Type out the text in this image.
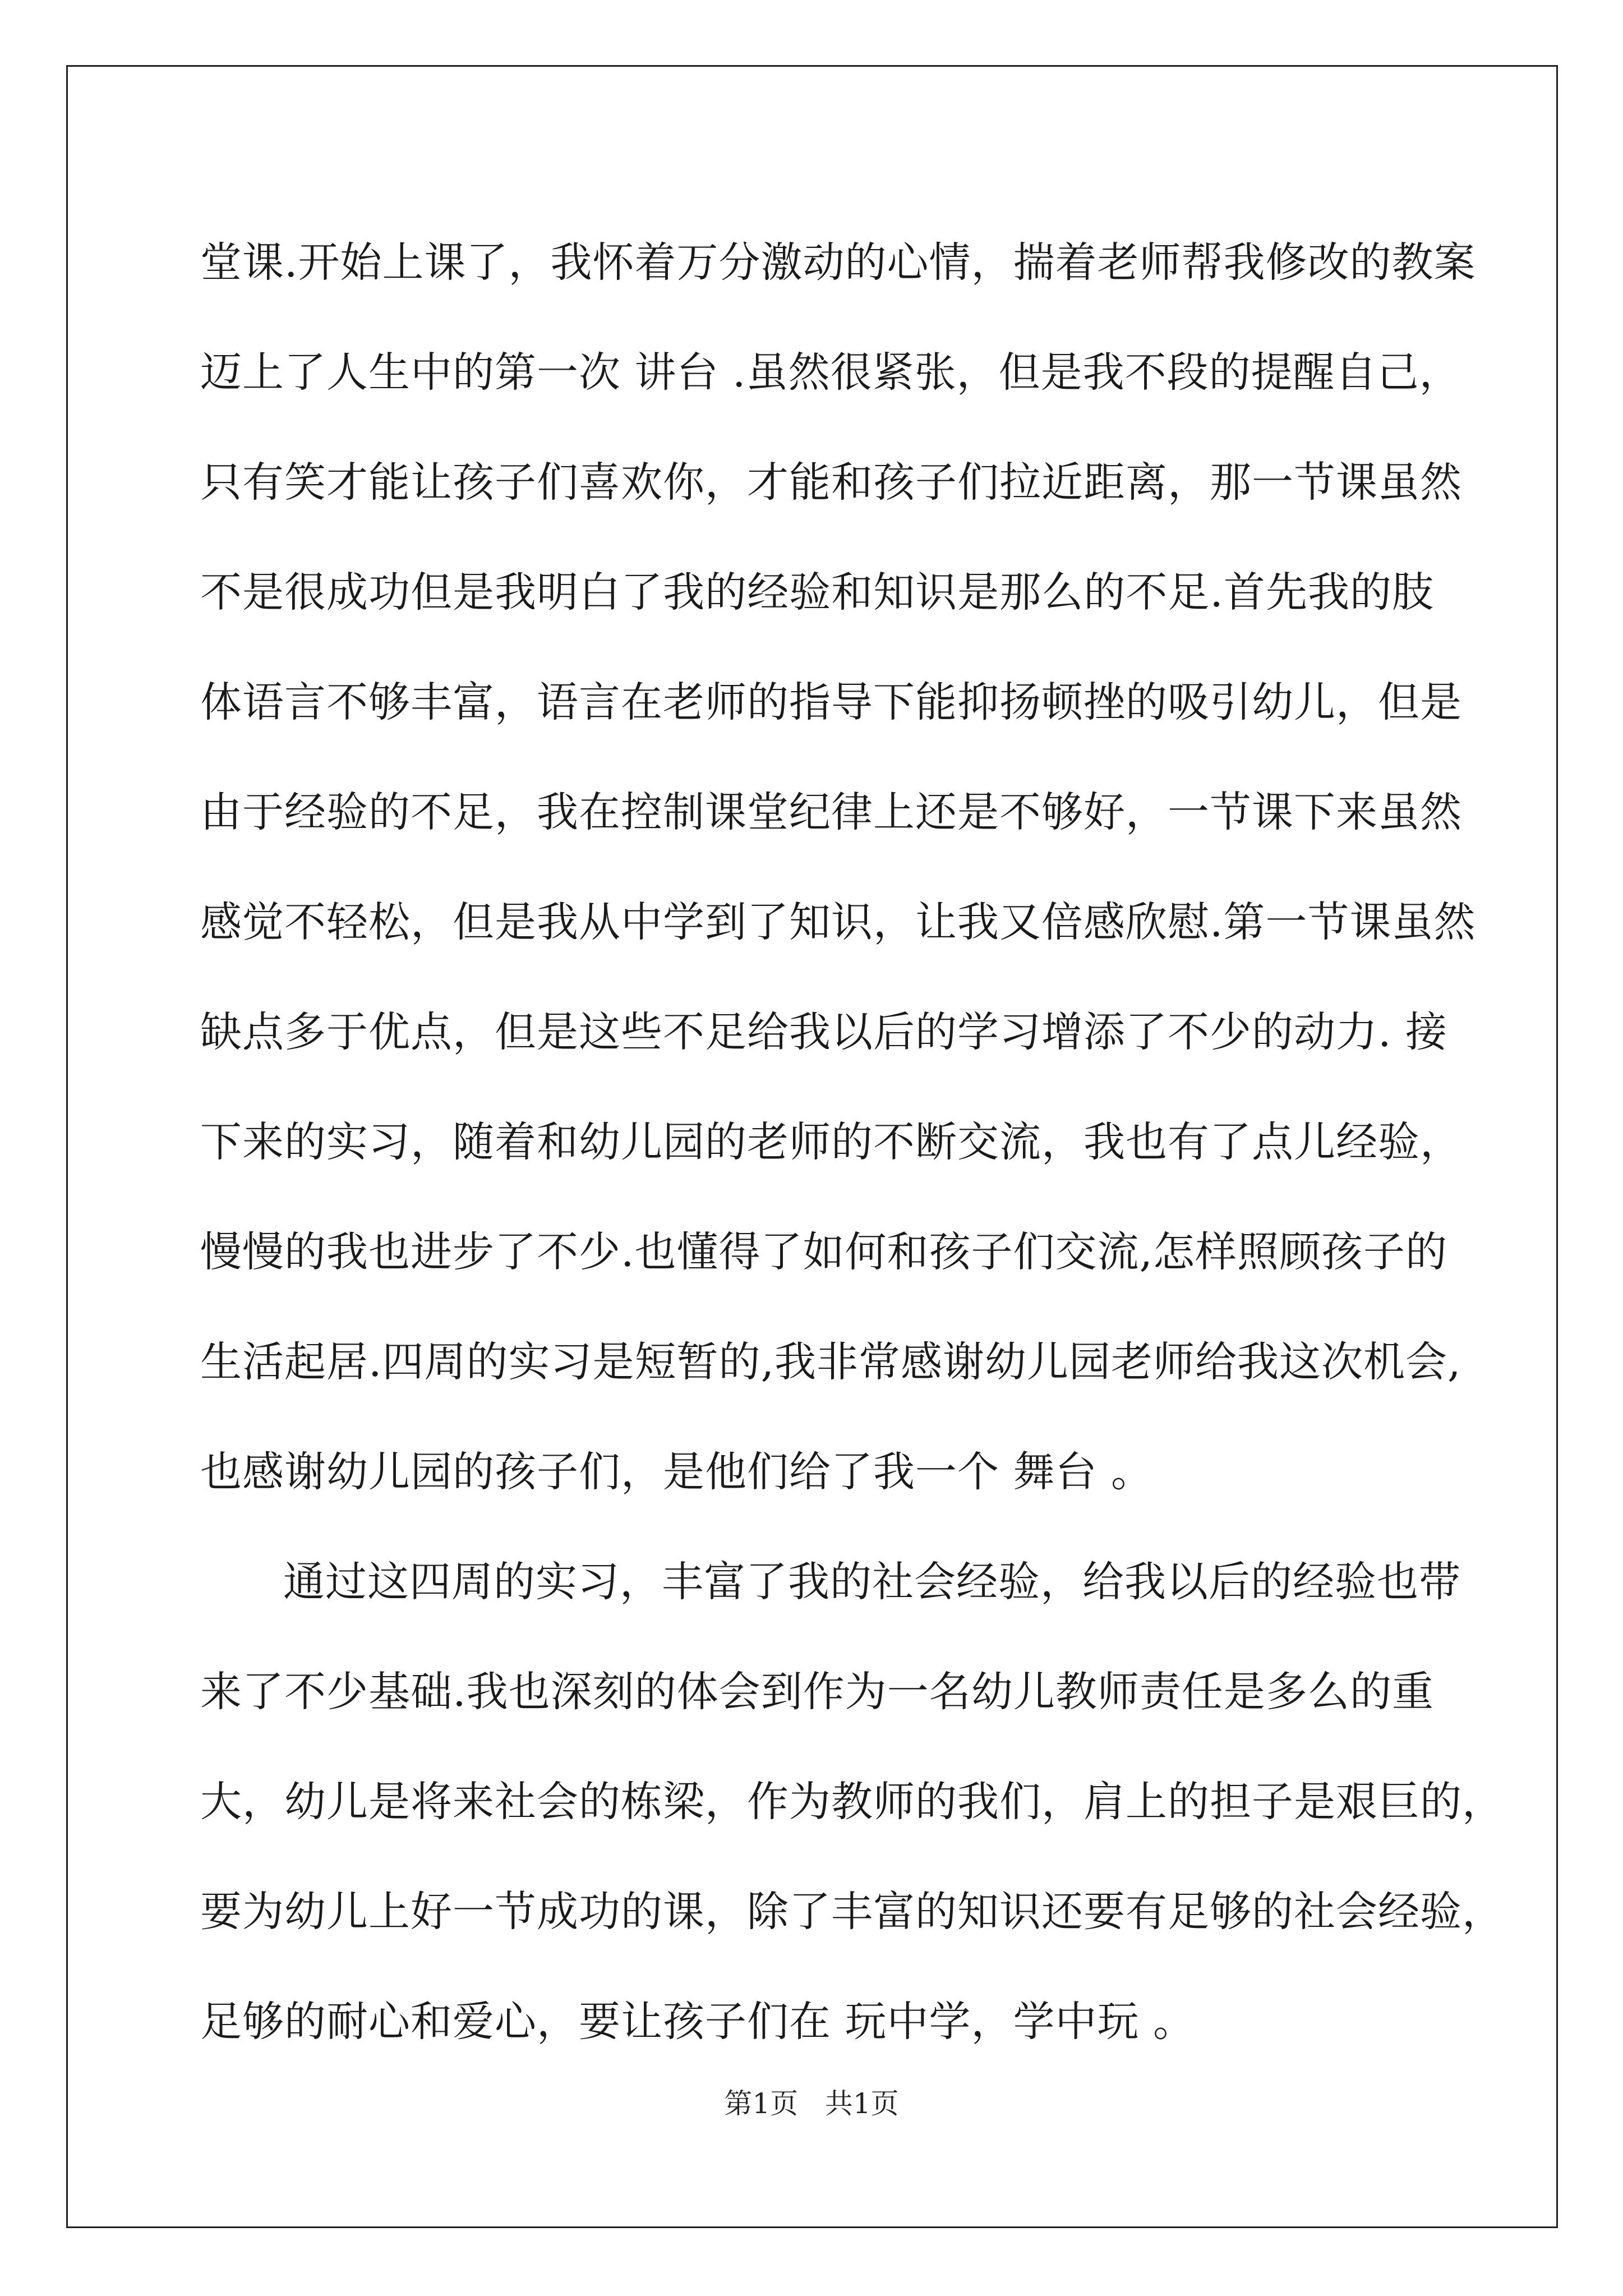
堂课.开始上课了，我怀着万分激动的心情，揣着老师帮我修改的教案
迈上了人生中的第一次 讲台 .虽然很紧张，但是我不段的提醒自己，
只有笑才能让孩子们喜欢你，才能和孩子们拉近距离，那一节课虽然
不是很成功但是我明白了我的经验和知识是那么的不足.首先我的肢
体语言不够丰富，语言在老师的指导下能抑扬顿挫的吸引幼儿，但是
由于经验的不足，我在控制课堂纪律上还是不够好，一节课下来虽然
感觉不轻松，但是我从中学到了知识，让我又倍感欣慰.第一节课虽然
缺点多于优点，但是这些不足给我以后的学习增添了不少的动力. 接
下来的实习，随着和幼儿园的老师的不断交流，我也有了点儿经验，
慢慢的我也进步了不少.也懂得了如何和孩子们交流,怎样照顾孩子的
生活起居.四周的实习是短暂的,我非常感谢幼儿园老师给我这次机会,
也感谢幼儿园的孩子们，是他们给了我一个 舞台 。
通过这四周的实习，丰富了我的社会经验，给我以后的经验也带
来了不少基础.我也深刻的体会到作为一名幼儿教师责任是多么的重
大，幼儿是将来社会的栋梁，作为教师的我们，肩上的担子是艰巨的，
要为幼儿上好一节成功的课，除了丰富的知识还要有足够的社会经验，
足够的耐心和爱心，要让孩子们在 玩中学，学中玩 。
第1页 共1页
